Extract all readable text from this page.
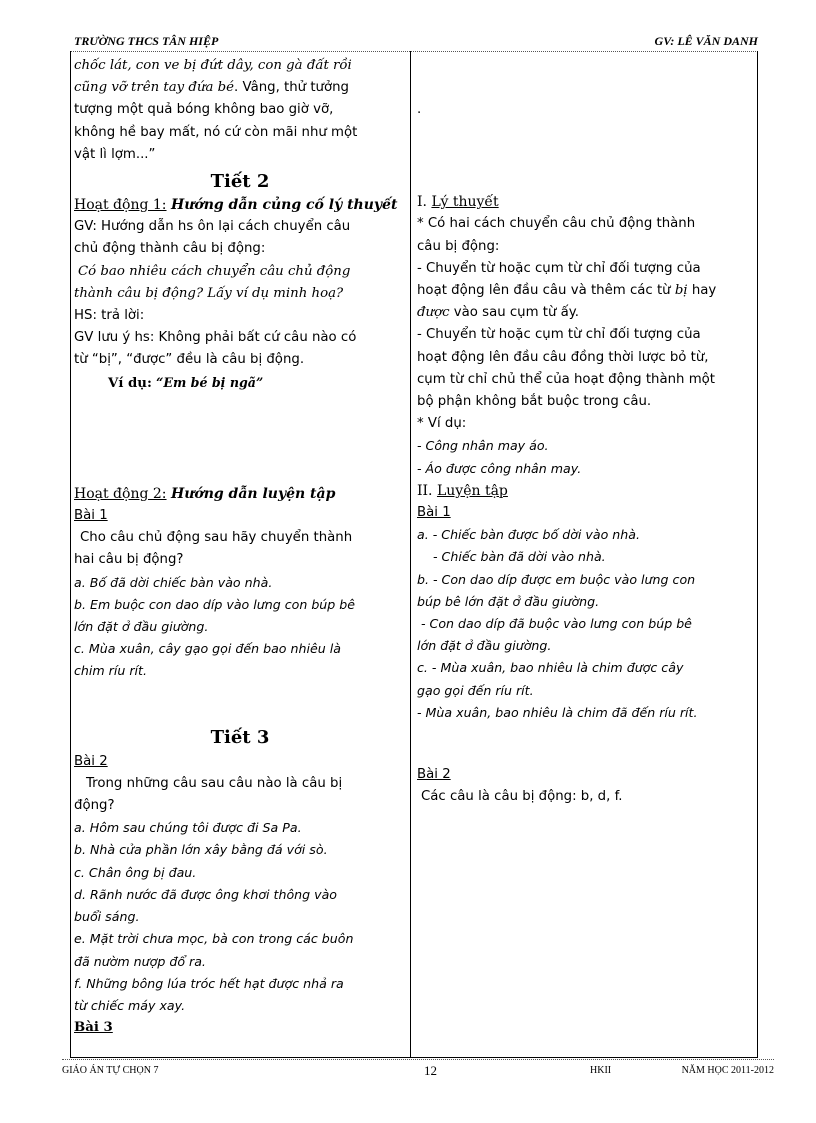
TRƯỜNG THCS TÂN HIỆP	GV: LÊ VĂN DANH

chốc lát, con ve bị đứt dây, con gà đất rồi

cũng vỡ trên tay đứa bé. Vâng, thử tưởng

tượng một quả bóng không bao giờ vỡ,

không hề bay mất, nó cứ còn mãi như một

vật lì lợm...”

Tiết 2

Hoạt động 1: Hướng dẫn củng cố lý thuyết

GV: Hướng dẫn hs ôn lại cách chuyển câu

chủ động thành câu bị động:

Có bao nhiêu cách chuyển câu chủ động

thành câu bị động? Lấy ví dụ minh hoạ?

HS: trả lời:

GV lưu ý hs: Không phải bất cứ câu nào có

từ “bị”, “được” đều là câu bị động.

Ví dụ: “Em bé bị ngã”

Hoạt động 2: Hướng dẫn luyện tập

Bài 1

Cho câu chủ động sau hãy chuyển thành

hai câu bị động?

a. Bố đã dời chiếc bàn vào nhà.

b. Em buộc con dao díp vào lưng con búp bê

lớn đặt ở đầu giường.

c. Mùa xuân, cây gạo gọi đến bao nhiêu là

chim ríu rít.

Tiết 3

Bài 2

Trong những câu sau câu nào là câu bị

động?

a. Hôm sau chúng tôi được đi Sa Pa.

b. Nhà cửa phần lớn xây bằng đá với sò.

c. Chân ông bị đau.

d. Rãnh nước đã được ông khơi thông vào

buổi sáng.

e. Mặt trời chưa mọc, bà con trong các buôn

đã nườm nượp đổ ra.

f. Những bông lúa tróc hết hạt được nhả ra

từ chiếc máy xay.

Bài 3

.

I. Lý thuyết

* Có hai cách chuyển câu chủ động thành

câu bị động:

- Chuyển từ hoặc cụm từ chỉ đối tượng của

hoạt động lên đầu câu và thêm các từ bị hay

được vào sau cụm từ ấy.

- Chuyển từ hoặc cụm từ chỉ đối tượng của

hoạt động lên đầu câu đồng thời lược bỏ từ,

cụm từ chỉ chủ thể của hoạt động thành một

bộ phận không bắt buộc trong câu.

* Ví dụ:

- Công nhân may áo.

- Áo được công nhân may.

II. Luyện tập

Bài 1

a. - Chiếc bàn được bố dời vào nhà.

- Chiếc bàn đã dời vào nhà.

b. - Con dao díp được em buộc vào lưng con

búp bê lớn đặt ở đầu giường.

- Con dao díp đã buộc vào lưng con búp bê

lớn đặt ở đầu giường.

c. - Mùa xuân, bao nhiêu là chim được cây

gạo gọi đến ríu rít.

- Mùa xuân, bao nhiêu là chim đã đến ríu rít.

Bài 2

Các câu là câu bị động: b, d, f.

GIÁO ÁN TỰ CHỌN 7	12	HKII	NĂM HỌC 2011-2012
